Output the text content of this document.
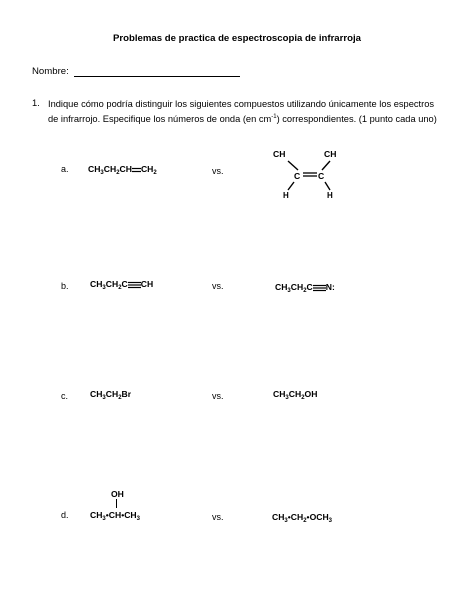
Problemas de practica de espectroscopia de infrarroja
Nombre:
1. Indique cómo podría distinguir los siguientes compuestos utilizando únicamente los espectros
de infrarrojo. Especifique los números de onda (en $cm^{-1}$) correspondientes. (1 punto cada uno)
a. $CH_3CH_2CH$ $CH_2$	vs.
CH	CH
C C
H	H
b. $CH_3CH_2C$ CH	vs.	$CH_3CH_2C$ N:
c.	$CH_3CH_2Br$	vs.	$CH_3CH_2OH$
d.
OH
$CH_3•CH•CH_3$	vs.	$CH_3•CH_2•OCH_3$
